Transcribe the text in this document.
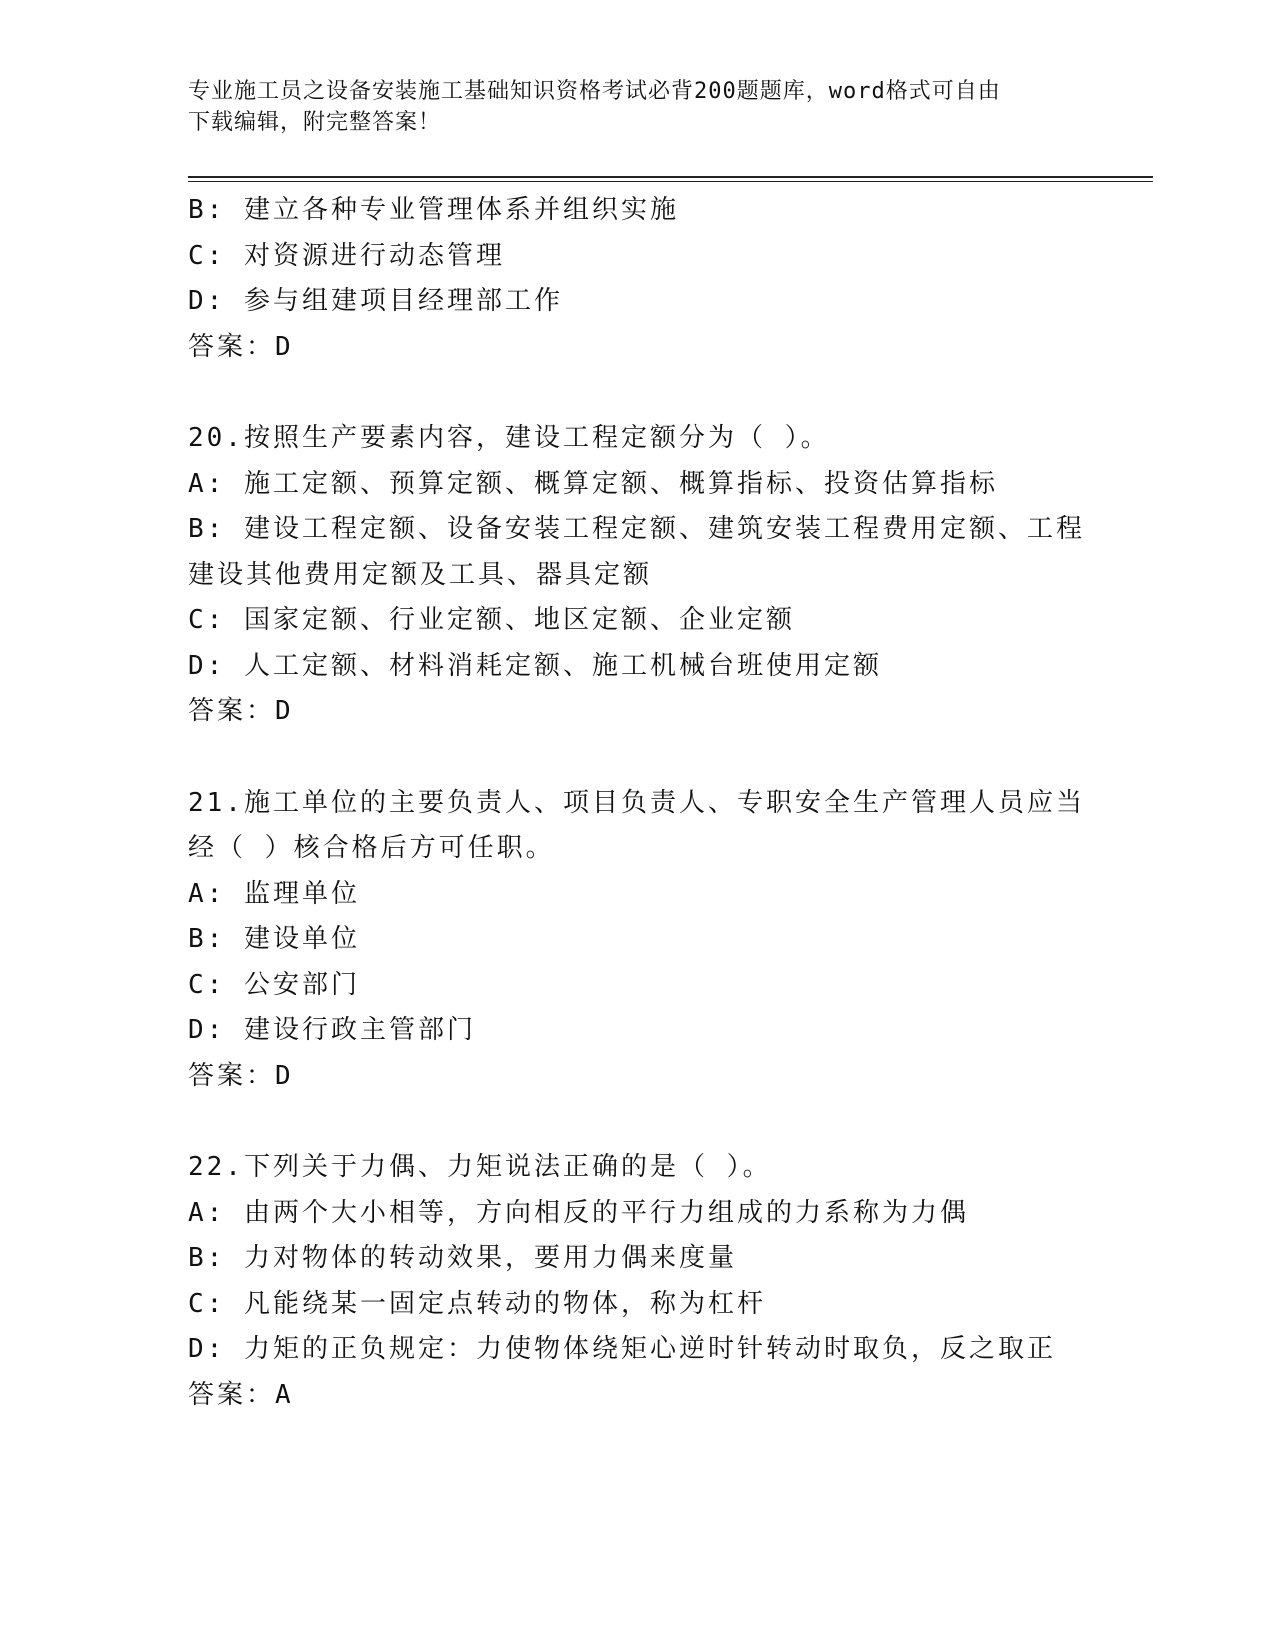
专业施工员之设备安装施工基础知识资格考试必背200题题库，word格式可自由
下载编辑，附完整答案！

B: 建立各种专业管理体系并组织实施

C: 对资源进行动态管理

D: 参与组建项目经理部工作

答案：D

20.按照生产要素内容，建设工程定额分为（ ）。

A: 施工定额、预算定额、概算定额、概算指标、投资估算指标

B: 建设工程定额、设备安装工程定额、建筑安装工程费用定额、工程

建设其他费用定额及工具、器具定额

C: 国家定额、行业定额、地区定额、企业定额

D: 人工定额、材料消耗定额、施工机械台班使用定额

答案：D

21.施工单位的主要负责人、项目负责人、专职安全生产管理人员应当

经（ ）核合格后方可任职。

A: 监理单位

B: 建设单位

C: 公安部门

D: 建设行政主管部门

答案：D

22.下列关于力偶、力矩说法正确的是（ ）。

A: 由两个大小相等，方向相反的平行力组成的力系称为力偶

B: 力对物体的转动效果，要用力偶来度量

C: 凡能绕某一固定点转动的物体，称为杠杆

D: 力矩的正负规定：力使物体绕矩心逆时针转动时取负，反之取正

答案：A
